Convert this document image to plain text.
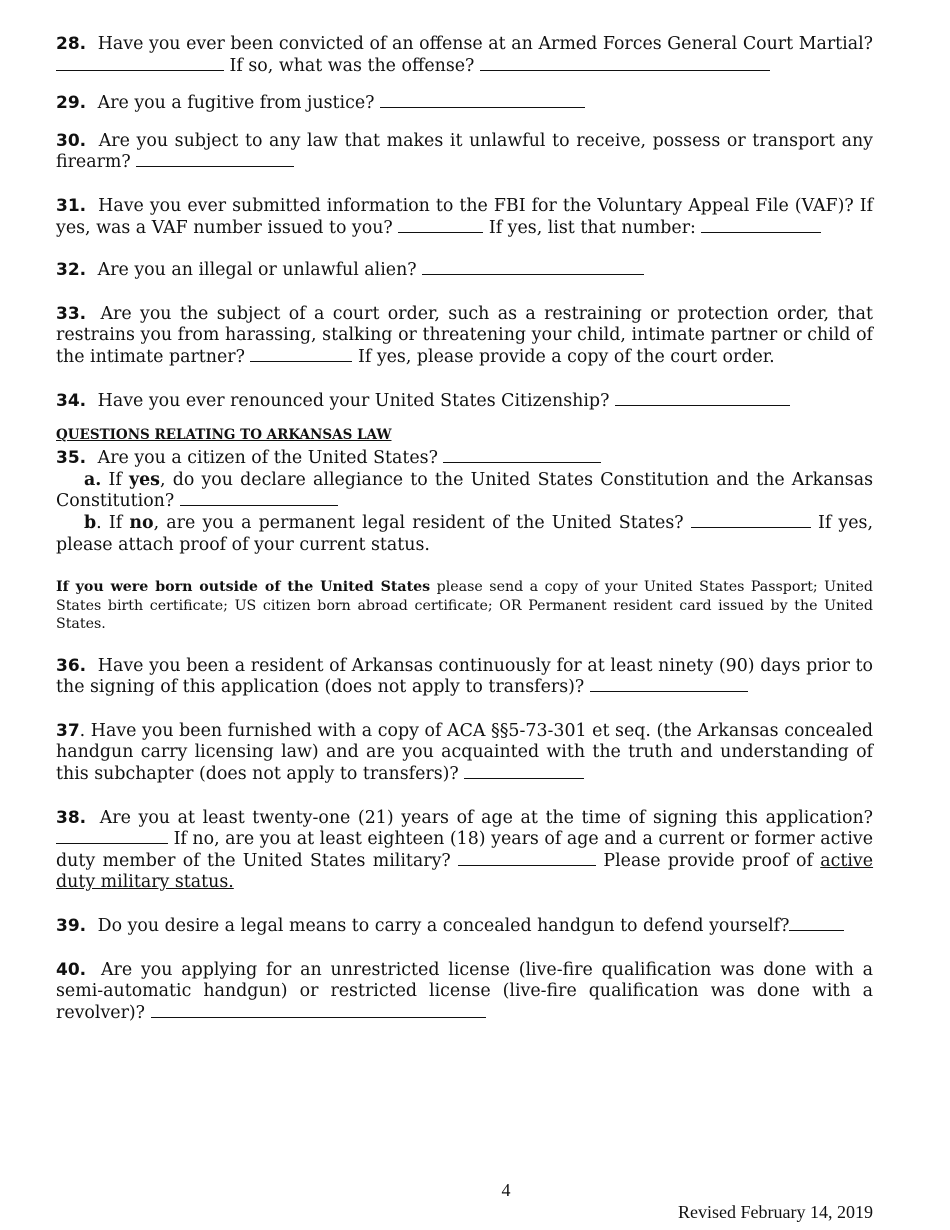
28. Have you ever been convicted of an offense at an Armed Forces General Court Martial?  If so, what was the offense?

29. Are you a fugitive from justice?

30. Are you subject to any law that makes it unlawful to receive, possess or transport any firearm?

31. Have you ever submitted information to the FBI for the Voluntary Appeal File (VAF)? If yes, was a VAF number issued to you?	If yes, list that number:

32. Are you an illegal or unlawful alien?

33. Are you the subject of a court order, such as a restraining or protection order, that restrains you from harassing, stalking or threatening your child, intimate partner or child of the intimate partner?	If yes, please provide a copy of the court order.

34. Have you ever renounced your United States Citizenship?

QUESTIONS RELATING TO ARKANSAS LAW

35. Are you a citizen of the United States?

a. If yes, do you declare allegiance to the United States Constitution and the Arkansas Constitution?

b. If no, are you a permanent legal resident of the United States?	If yes, please attach proof of your current status.

If you were born outside of the United States please send a copy of your United States Passport; United States birth certificate; US citizen born abroad certificate; OR Permanent resident card issued by the United States.

36. Have you been a resident of Arkansas continuously for at least ninety (90) days prior to the signing of this application (does not apply to transfers)?

37. Have you been furnished with a copy of ACA §§5-73-301 et seq. (the Arkansas concealed handgun carry licensing law) and are you acquainted with the truth and understanding of this subchapter (does not apply to transfers)?

38. Are you at least twenty-one (21) years of age at the time of signing this application?  If no, are you at least eighteen (18) years of age and a current or former active duty member of the United States military?	Please provide proof of active duty military status.

39. Do you desire a legal means to carry a concealed handgun to defend yourself?

40. Are you applying for an unrestricted license (live-fire qualification was done with a semi-automatic handgun) or restricted license (live-fire qualification was done with a revolver)?

4
Revised February 14, 2019
